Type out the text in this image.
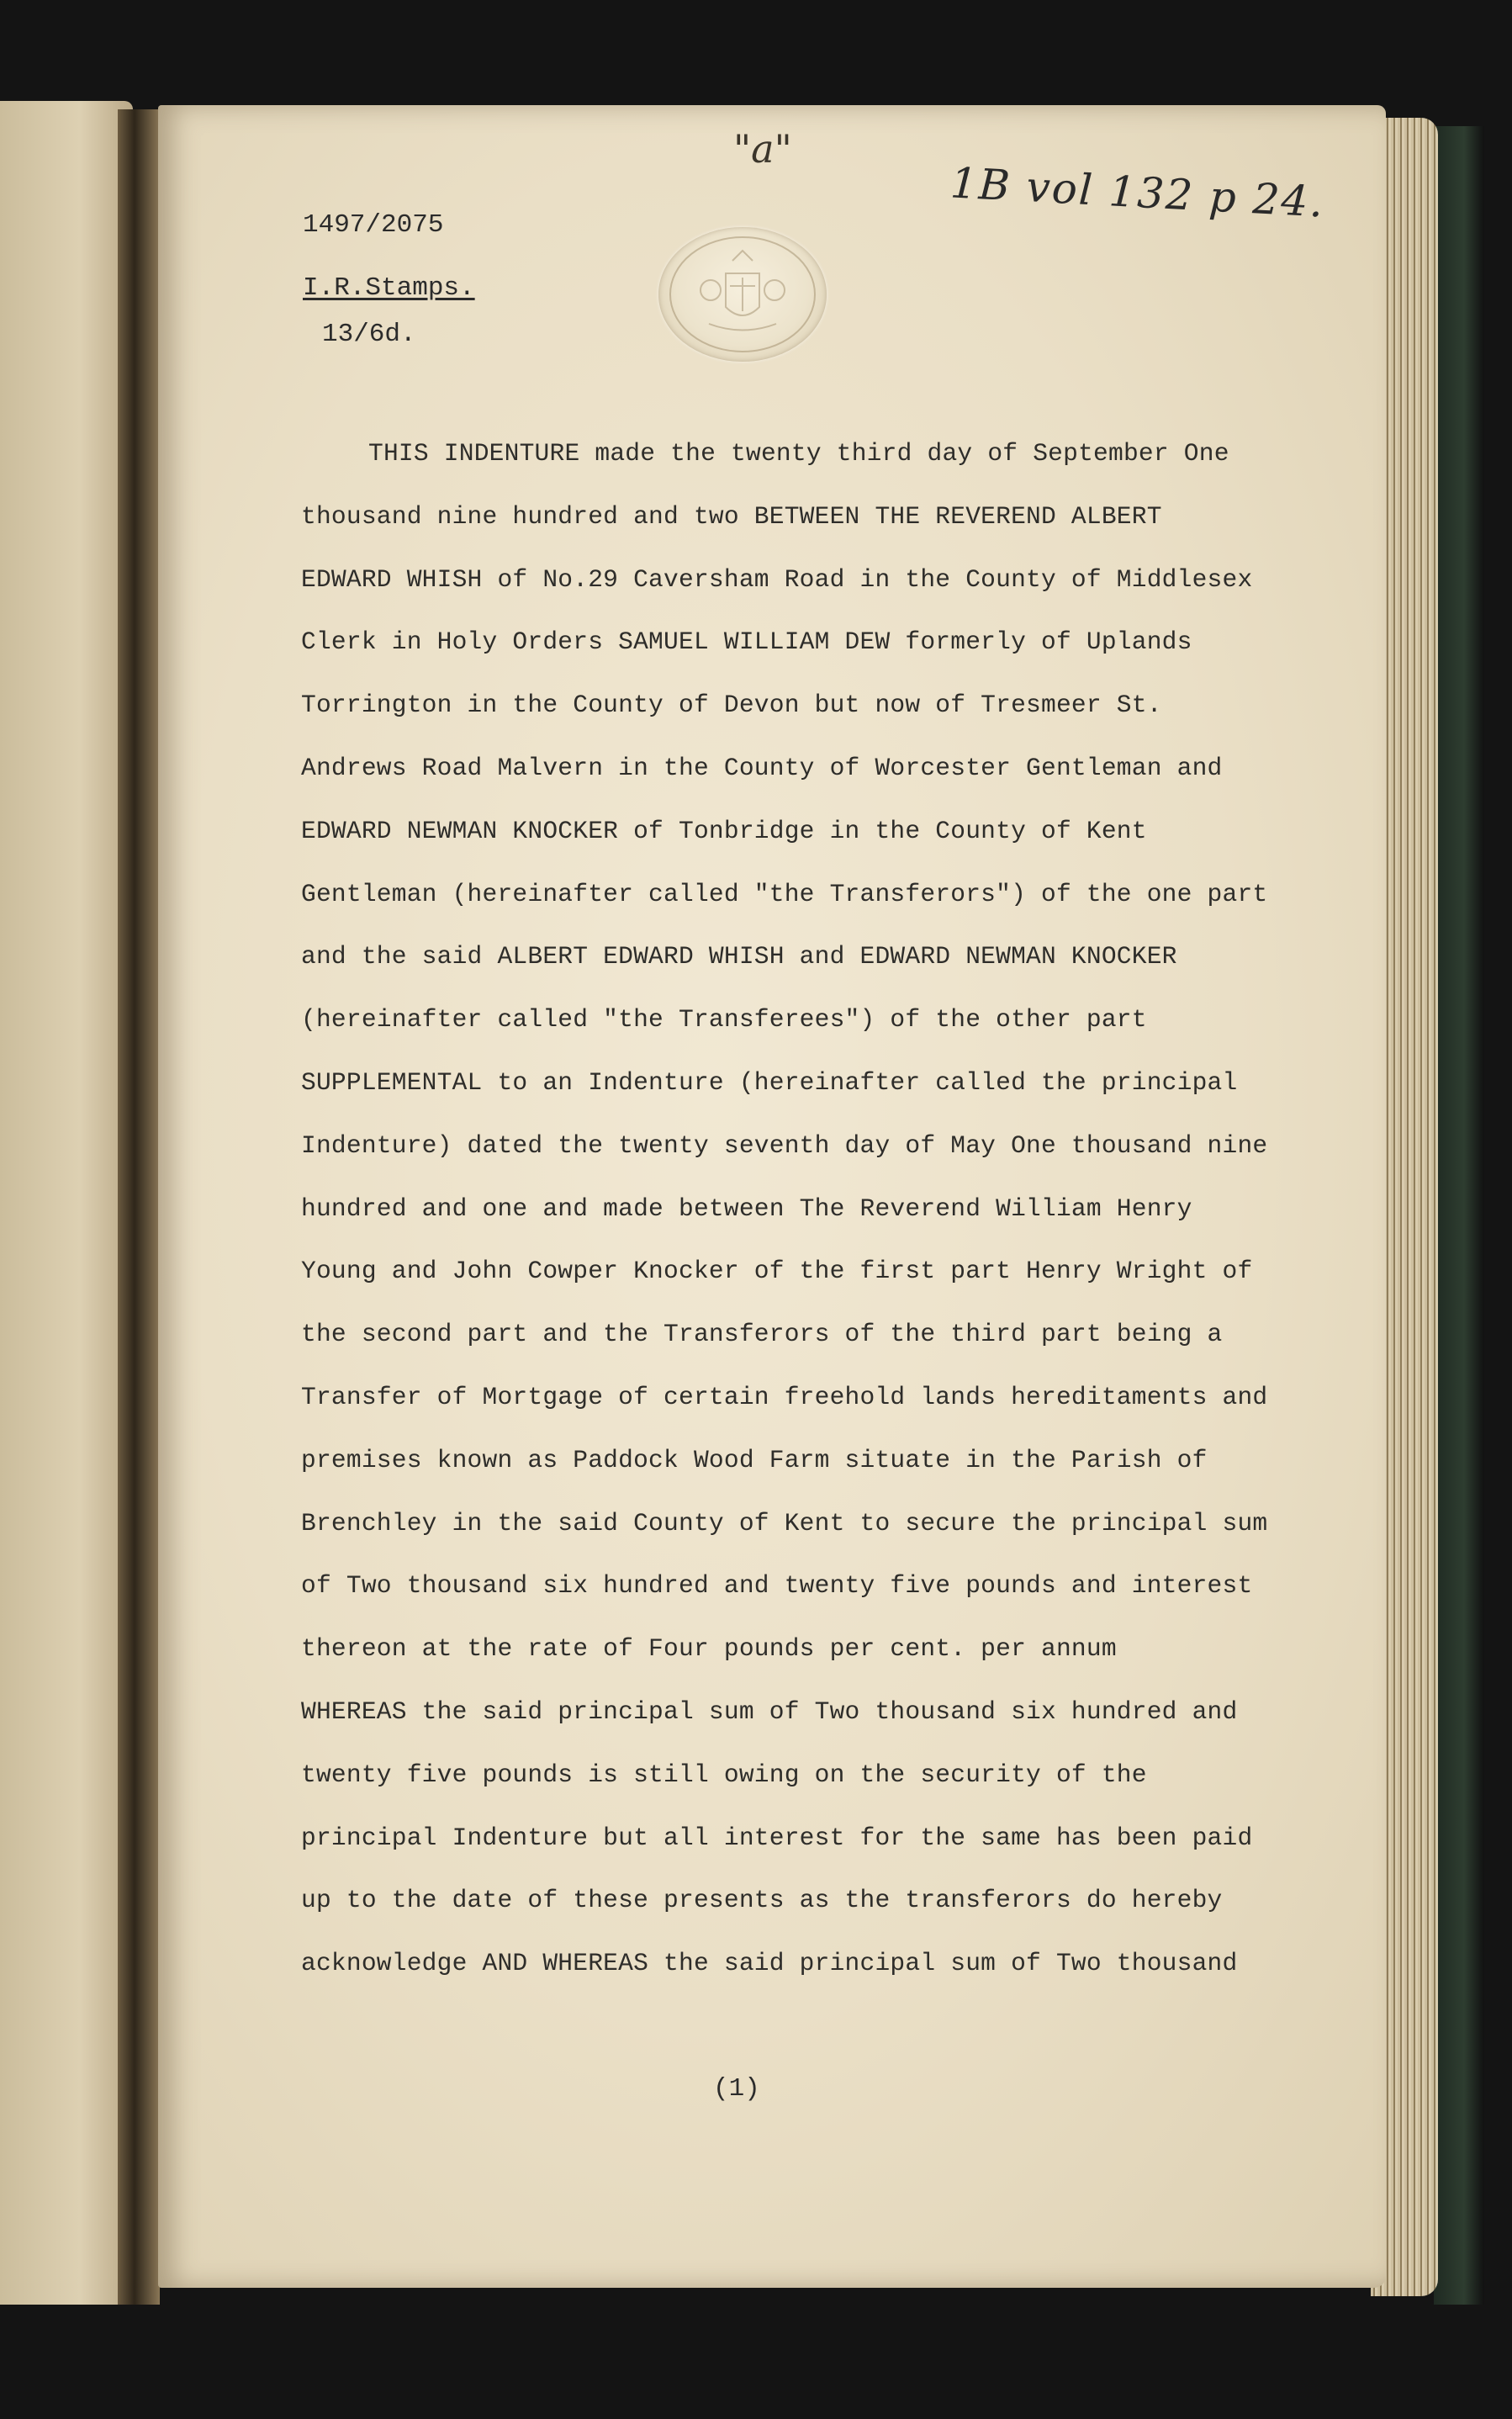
"a"
1B vol 132 p 24.
1497/2075
I.R.Stamps.
13/6d.
THIS INDENTURE made the twenty third day of September One
thousand nine hundred and two BETWEEN THE REVEREND ALBERT
EDWARD WHISH of No.29 Caversham Road in the County of Middlesex
Clerk in Holy Orders SAMUEL WILLIAM DEW formerly of Uplands
Torrington in the County of Devon but now of Tresmeer St.
Andrews Road Malvern in the County of Worcester Gentleman and
EDWARD NEWMAN KNOCKER of Tonbridge in the County of Kent
Gentleman (hereinafter called "the Transferors") of the one part
and the said ALBERT EDWARD WHISH and EDWARD NEWMAN KNOCKER
(hereinafter called "the Transferees") of the other part
SUPPLEMENTAL to an Indenture (hereinafter called the principal
Indenture) dated the twenty seventh day of May One thousand nine
hundred and one and made between The Reverend William Henry
Young and John Cowper Knocker of the first part Henry Wright of
the second part and the Transferors of the third part being a
Transfer of Mortgage of certain freehold lands hereditaments and
premises known as Paddock Wood Farm situate in the Parish of
Brenchley in the said County of Kent to secure the principal sum
of Two thousand six hundred and twenty five pounds and interest
thereon at the rate of Four pounds per cent. per annum
WHEREAS the said principal sum of Two thousand six hundred and
twenty five pounds is still owing on the security of the
principal Indenture but all interest for the same has been paid
up to the date of these presents as the transferors do hereby
acknowledge AND WHEREAS the said principal sum of Two thousand
(1)
